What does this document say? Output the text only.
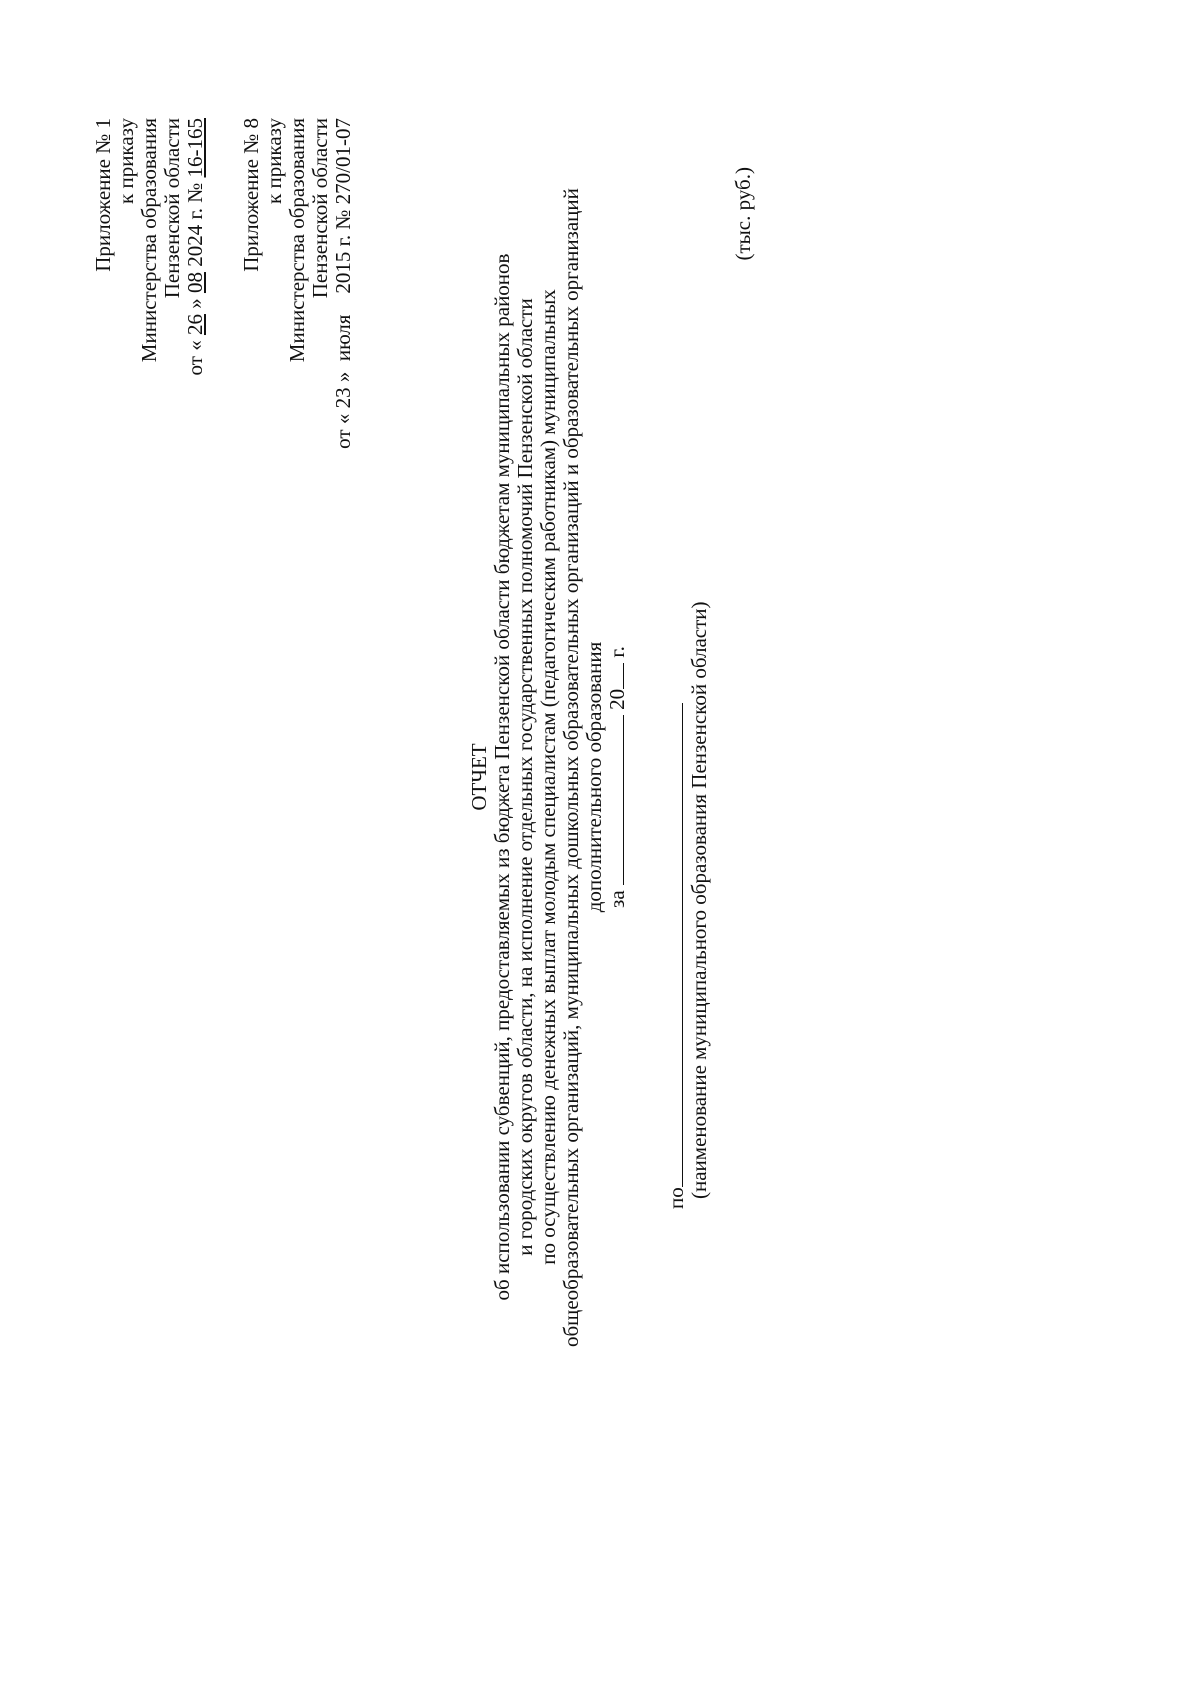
Приложение № 1 к приказу Министерства образования Пензенской области
от « 26 » 08 2024 г. № 16-165 Приложение № 8 к приказу Министерства образования Пензенской области от « 23 »  июля    2015 г. № 270/01-07
ОТЧЕТ об использовании субвенций, предоставляемых из бюджета Пензенской области бюджетам муниципальных районов и городских округов области, на исполнение отдельных государственных полномочий Пензенской области по осуществлению денежных выплат молодым специалистам (педагогическим работникам) муниципальных общеобразовательных организаций, муниципальных дошкольных образовательных организаций и образовательных организаций дополнительного образования за  20 г.
по (наименование муниципального образования Пензенской области)
(тыс. руб.)
